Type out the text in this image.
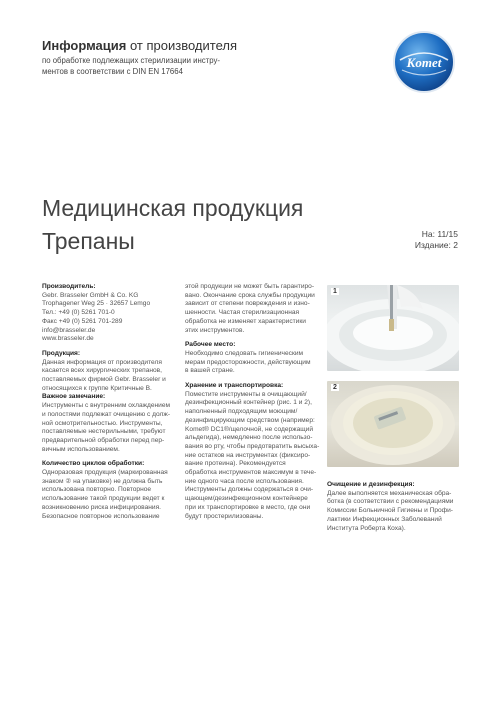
Информация от производителя
по обработке подлежащих стерилизации инстру-
ментов в соответствии с DIN EN 17664
Komet
Медицинская продукция
Трепаны	На: 11/15
Издание: 2
Производитель:
Gebr. Brasseler GmbH & Co. KG
Trophagener Weg 25 · 32657 Lemgo
Тел.: +49 (0) 5261 701-0
Факс +49 (0) 5261 701-289
info@brasseler.de
www.brasseler.de
Продукция:
Данная информация от производителя
касается всех хирургических трепанов,
поставляемых фирмой Gebr. Brasseler и
относящихся к группе Критичные В.
Важное замечание:
Инструменты с внутренним охлаждением
и полостями подлежат очищению с долж-
ной осмотрительностью. Инструменты,
поставляемые нестерильными, требуют
предварительной обработки перед пер-
вичным использованием.
Количество циклов обработки:
Одноразовая продукция (маркированная
знаком ② на упаковке) не должна быть
использована повторно. Повторное
использование такой продукции ведет к
возникновению риска инфицирования.
Безопасное повторное использование
этой продукции не может быть гарантиро-
вано. Окончание срока службы продукции
зависит от степени повреждения и изно-
шенности. Частая стерилизационная
обработка не изменяет характеристики
этих инструментов.
Рабочее место:
Необходимо следовать гигиеническим
мерам предосторожности, действующим
в вашей стране.
Хранение и транспортировка:
Поместите инструменты в очищающий/
дезинфекционный контейнер (рис. 1 и 2),
наполненный подходящим моющим/
дезинфицирующим средством (например:
Komet® DC1®/щелочной, не содержащий
альдегида), немедленно после использо-
вания во рту, чтобы предотвратить высыха-
ние остатков на инструментах (фиксиро-
вание протеина). Рекомендуется
обработка инструментов максимум в тече-
ние одного часа после использования.
Инструменты должны содержаться в очи-
щающем/дезинфекционном контейнере
при их транспортировке в место, где они
будут простерилизованы.
1
2
Очищение и дезинфекция:
Далее выполняется механическая обра-
ботка (в соответствии с рекомендациями
Комиссии Больничной Гигиены и Профи-
лактики Инфекционных Заболеваний
Института Роберта Коха).
